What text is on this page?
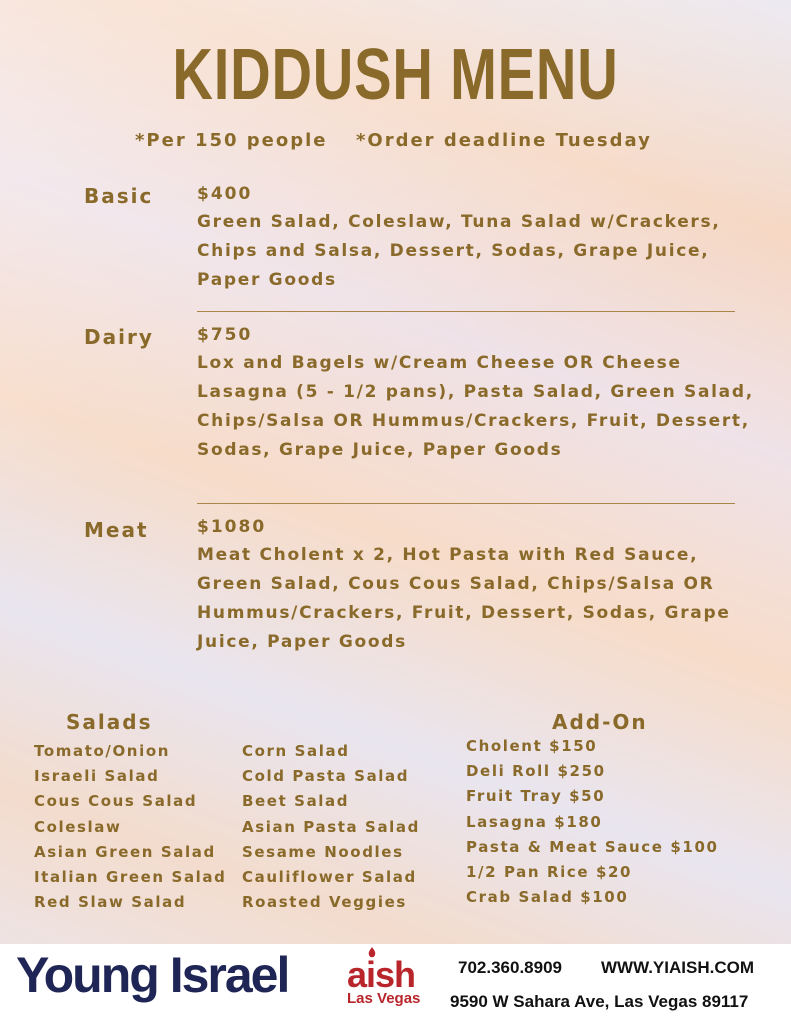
KIDDUSH MENU
*Per 150 people *Order deadline Tuesday
Basic	$400
Green Salad, Coleslaw, Tuna Salad w/Crackers, Chips and Salsa, Dessert, Sodas, Grape Juice, Paper Goods
Dairy	$750
Lox and Bagels w/Cream Cheese OR Cheese Lasagna (5 - 1/2 pans), Pasta Salad, Green Salad, Chips/Salsa OR Hummus/Crackers, Fruit, Dessert, Sodas, Grape Juice, Paper Goods
Meat	$1080
Meat Cholent x 2, Hot Pasta with Red Sauce, Green Salad, Cous Cous Salad, Chips/Salsa OR Hummus/Crackers, Fruit, Dessert, Sodas, Grape Juice, Paper Goods
Salads
Tomato/Onion
Israeli Salad
Cous Cous Salad
Coleslaw
Asian Green Salad
Italian Green Salad
Red Slaw Salad
Corn Salad
Cold Pasta Salad
Beet Salad
Asian Pasta Salad
Sesame Noodles
Cauliflower Salad
Roasted Veggies
Add-On
Cholent $150
Deli Roll $250
Fruit Tray $50
Lasagna $180
Pasta & Meat Sauce $100
1/2 Pan Rice $20
Crab Salad $100
Young Israel aish
Las Vegas
702.360.8909 WWW.YIAISH.COM
9590 W Sahara Ave, Las Vegas 89117
